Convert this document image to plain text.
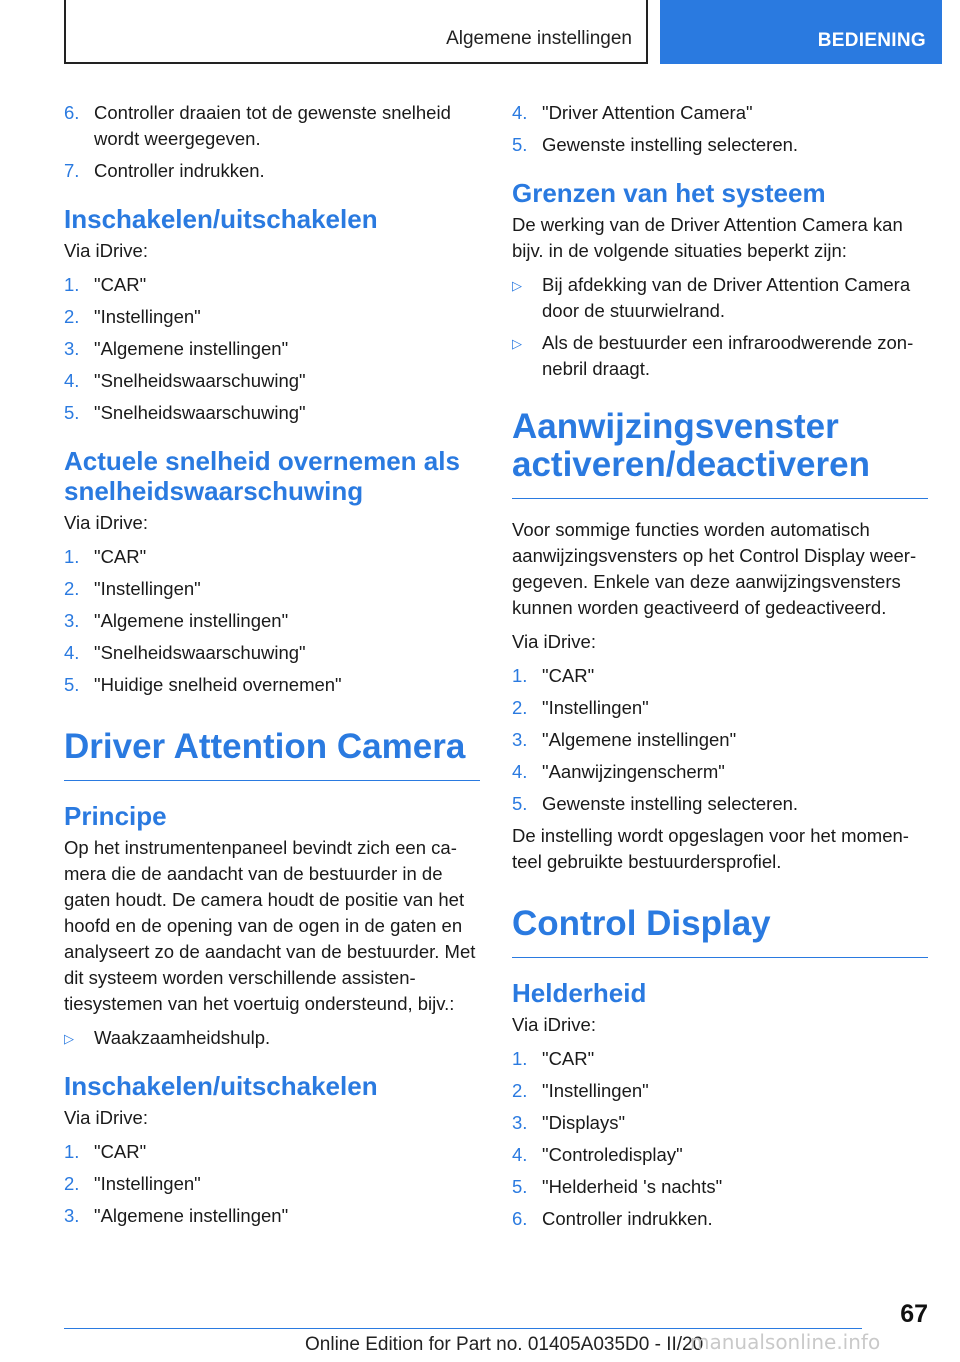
Algemene instellingen	BEDIENING
6. Controller draaien tot de gewenste snelheid wordt weergegeven.
7. Controller indrukken.
Inschakelen/uitschakelen

Via iDrive:

1. "CAR"
2. "Instellingen"
3. "Algemene instellingen"
4. "Snelheidswaarschuwing"
5. "Snelheidswaarschuwing"
Actuele snelheid overnemen als snelheidswaarschuwing

Via iDrive:

1. "CAR"
2. "Instellingen"
3. "Algemene instellingen"
4. "Snelheidswaarschuwing"
5. "Huidige snelheid overnemen"
Driver Attention Camera
Principe

Op het instrumentenpaneel bevindt zich een camera die de aandacht van de bestuurder in de gaten houdt. De camera houdt de positie van het hoofd en de opening van de ogen in de gaten en analyseert zo de aandacht van de bestuurder. Met dit systeem worden verschillende assistentiesystemen van het voertuig ondersteund, bijv.:

▷ Waakzaamheidshulp.
Inschakelen/uitschakelen

Via iDrive:

1. "CAR"
2. "Instellingen"
3. "Algemene instellingen"
4. "Driver Attention Camera"
5. Gewenste instelling selecteren.
Grenzen van het systeem

De werking van de Driver Attention Camera kan bijv. in de volgende situaties beperkt zijn:

▷ Bij afdekking van de Driver Attention Camera door de stuurwielrand.
▷ Als de bestuurder een infraroodwerende zonnebril draagt.
Aanwijzingsvenster activeren/deactiveren

Voor sommige functies worden automatisch aanwijzingsvensters op het Control Display weergegeven. Enkele van deze aanwijzingsvensters kunnen worden geactiveerd of gedeactiveerd.

Via iDrive:

1. "CAR"
2. "Instellingen"
3. "Algemene instellingen"
4. "Aanwijzingenscherm"
5. Gewenste instelling selecteren.

De instelling wordt opgeslagen voor het momenteel gebruikte bestuurdersprofiel.

Control Display
Helderheid

Via iDrive:

1. "CAR"
2. "Instellingen"
3. "Displays"
4. "Controledisplay"
5. "Helderheid 's nachts"
6. Controller indrukken.
67
Online Edition for Part no. 01405A035D0 - II/20
manualsonline.info
